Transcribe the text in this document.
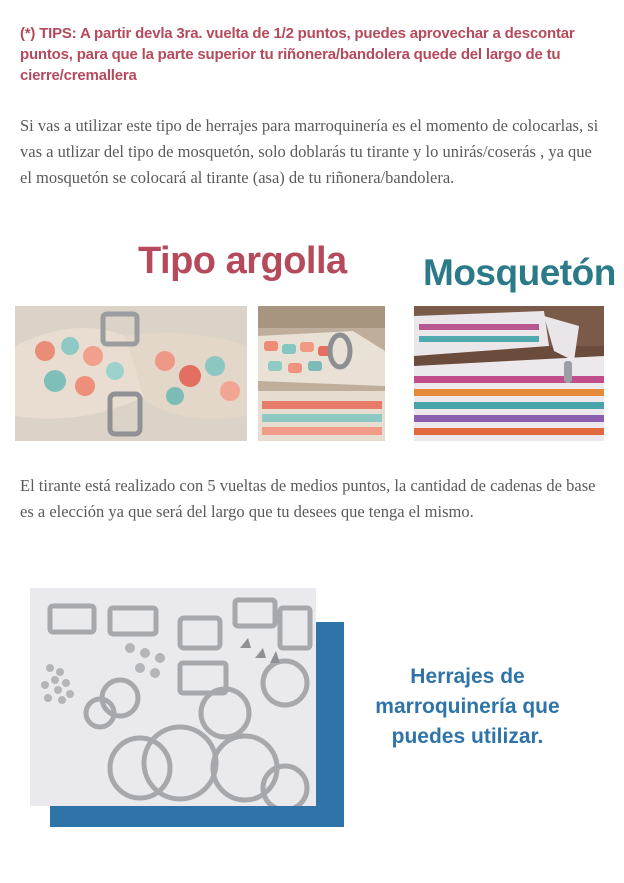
(*) TIPS: A partir devla 3ra. vuelta de 1/2 puntos, puedes aprovechar a descontar puntos, para que la parte superior tu riñonera/bandolera quede del largo de tu cierre/cremallera
Si vas a utilizar este tipo de herrajes para marroquinería es el momento de colocarlas, si vas a utlizar del tipo de mosquetón, solo doblarás tu tirante y lo unirás/coserás , ya que el mosquetón se colocará al tirante (asa) de tu riñonera/bandolera.
Tipo argolla Mosquetón
El tirante está realizado con 5 vueltas de medios puntos, la cantidad de cadenas de base es a elección ya que será del largo que tu desees que tenga el mismo.
Herrajes de
marroquinería que
puedes utilizar.
